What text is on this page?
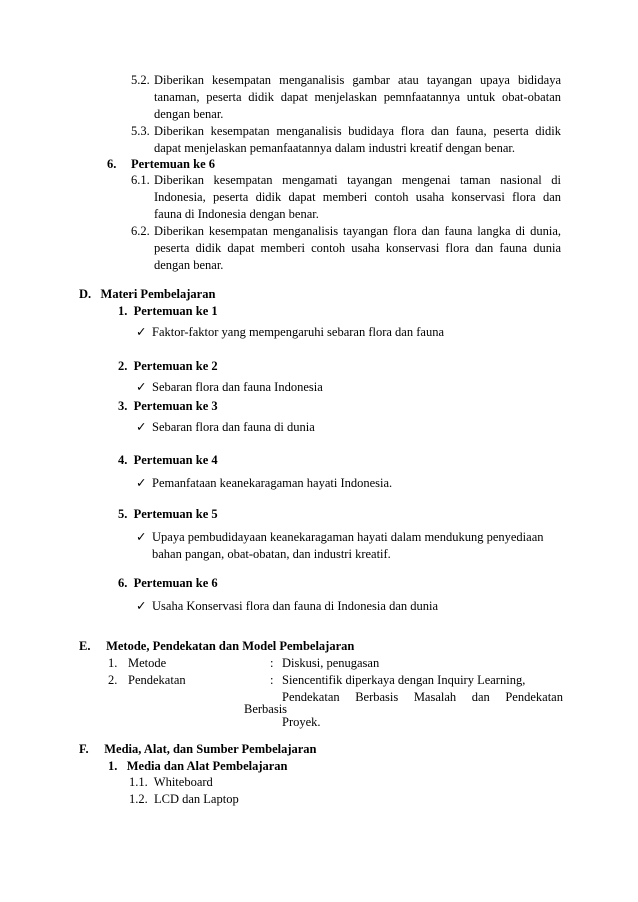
5.2. Diberikan kesempatan menganalisis gambar atau tayangan upaya bididaya
tanaman, peserta didik dapat menjelaskan pemnfaatannya untuk obat-obatan
dengan benar.
5.3. Diberikan kesempatan menganalisis budidaya flora dan fauna, peserta didik
dapat menjelaskan pemanfaatannya dalam industri kreatif dengan benar.
6. Pertemuan ke 6
6.1. Diberikan kesempatan mengamati tayangan mengenai taman nasional di
Indonesia, peserta didik dapat memberi contoh usaha konservasi flora dan
fauna di Indonesia dengan benar.
6.2. Diberikan kesempatan menganalisis tayangan flora dan fauna langka di dunia,
peserta didik dapat memberi contoh usaha konservasi flora dan fauna dunia
dengan benar.
D.   Materi Pembelajaran
1.  Pertemuan ke 1
✓ Faktor-faktor yang mempengaruhi sebaran flora dan fauna
2.  Pertemuan ke 2
✓ Sebaran flora dan fauna Indonesia
3.  Pertemuan ke 3
✓ Sebaran flora dan fauna di dunia
4.  Pertemuan ke 4
✓ Pemanfataan keanekaragaman hayati Indonesia.
5.  Pertemuan ke 5
✓ Upaya pembudidayaan keanekaragaman hayati dalam mendukung penyediaan
bahan pangan, obat-obatan, dan industri kreatif.
6.  Pertemuan ke 6
✓ Usaha Konservasi flora dan fauna di Indonesia dan dunia
E.     Metode, Pendekatan dan Model Pembelajaran
1. Metode	: Diskusi, penugasan
2. Pendekatan	: Siencentifik diperkaya dengan Inquiry Learning,
Pendekatan Berbasis Masalah dan Pendekatan
Berbasis
Proyek.
F.     Media, Alat, dan Sumber Pembelajaran
1.   Media dan Alat Pembelajaran
1.1.  Whiteboard
1.2.  LCD dan Laptop
